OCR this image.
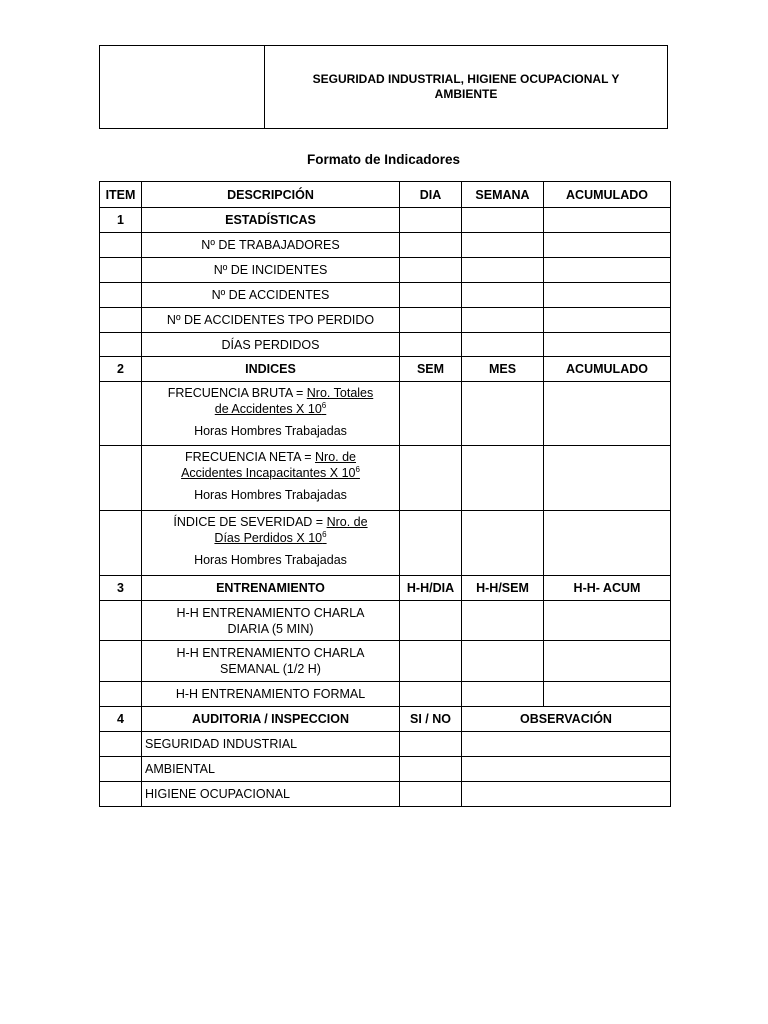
SEGURIDAD INDUSTRIAL, HIGIENE OCUPACIONAL Y AMBIENTE
Formato de Indicadores
ITEM	DESCRIPCIÓN	DIA	SEMANA	ACUMULADO
1	ESTADÍSTICAS			
	Nº DE TRABAJADORES			
	Nº DE INCIDENTES			
	Nº DE ACCIDENTES			
	Nº DE ACCIDENTES TPO PERDIDO			
	DÍAS PERDIDOS			
2	INDICES	SEM	MES	ACUMULADO
	FRECUENCIA BRUTA = Nro. Totales
de Accidentes X $10^6$
Horas Hombres Trabajadas			

	FRECUENCIA NETA = Nro. de
Accidentes Incapacitantes X $10^6$
Horas Hombres Trabajadas			

	ÍNDICE DE SEVERIDAD = Nro. de
Días Perdidos X $10^6$
Horas Hombres Trabajadas			

3	ENTRENAMIENTO	H-H/DIA	H-H/SEM	H-H- ACUM
	H-H ENTRENAMIENTO CHARLA
DIARIA (5 MIN)			
	H-H ENTRENAMIENTO CHARLA
SEMANAL (1/2 H)			
	H-H ENTRENAMIENTO FORMAL			
4	AUDITORIA / INSPECCION	SI / NO	OBSERVACIÓN	
	SEGURIDAD INDUSTRIAL			
	AMBIENTAL			
	HIGIENE OCUPACIONAL			
